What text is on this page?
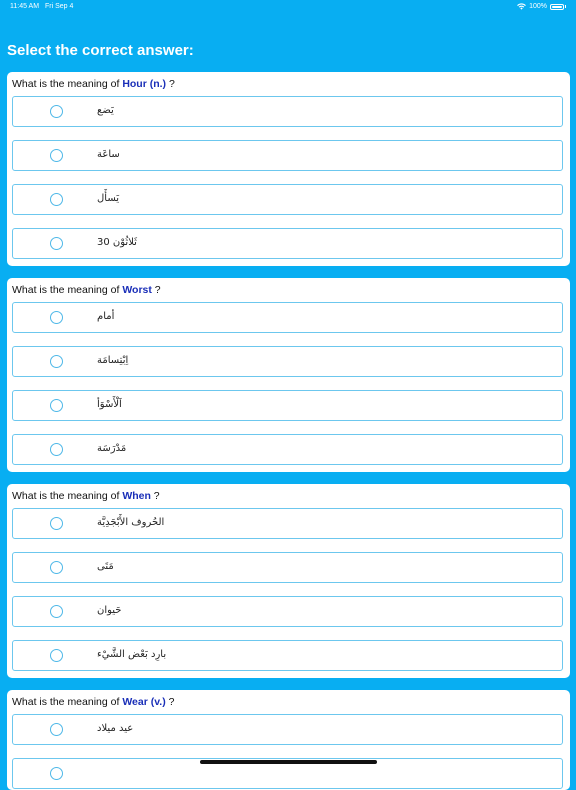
11:45 AM Fri Sep 4	100%
Select the correct answer:
What is the meaning of Hour (n.) ?
يَضع
ساعَة
يَسأَل
30 ثَلاثُوْن
What is the meaning of Worst ?
أمام
اِبْتِسامَة
اَلْأَسْوَأ
مَدْرَسَة
What is the meaning of When ?
الحُروف الأَبْجَدِيَّة
مَتَى
حَيوان
بارِد بَعْض الشَّيْء
What is the meaning of Wear (v.) ?
عيد ميلاد
